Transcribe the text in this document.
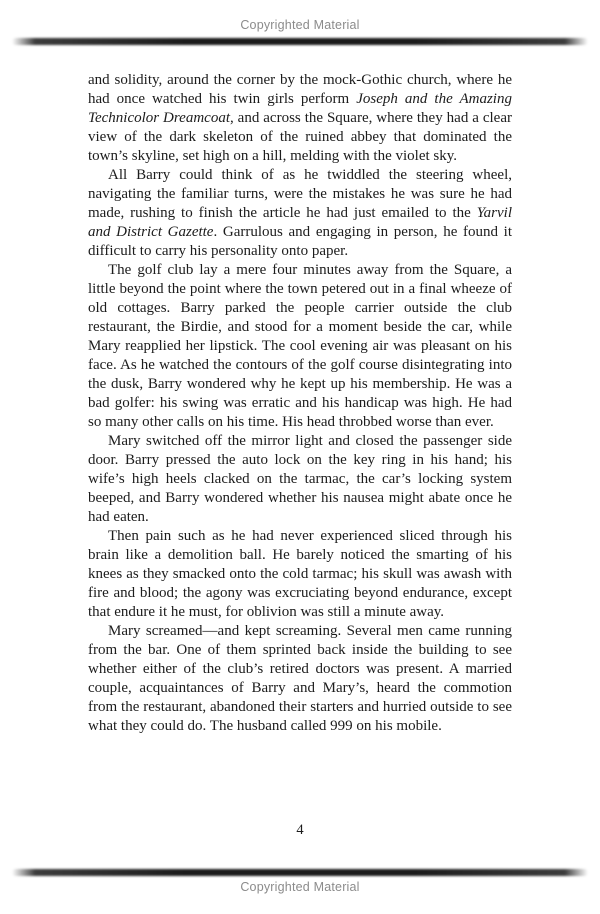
Copyrighted Material

and solidity, around the corner by the mock-Gothic church, where he had once watched his twin girls perform Joseph and the Amazing Technicolor Dreamcoat, and across the Square, where they had a clear view of the dark skeleton of the ruined abbey that dominated the town’s skyline, set high on a hill, melding with the violet sky.

All Barry could think of as he twiddled the steering wheel, navigating the familiar turns, were the mistakes he was sure he had made, rushing to finish the article he had just emailed to the Yarvil and District Gazette. Garrulous and engaging in person, he found it difficult to carry his personality onto paper.

The golf club lay a mere four minutes away from the Square, a little beyond the point where the town petered out in a final wheeze of old cottages. Barry parked the people carrier outside the club restaurant, the Birdie, and stood for a moment beside the car, while Mary reapplied her lipstick. The cool evening air was pleasant on his face. As he watched the contours of the golf course disintegrating into the dusk, Barry wondered why he kept up his membership. He was a bad golfer: his swing was erratic and his handicap was high. He had so many other calls on his time. His head throbbed worse than ever.

Mary switched off the mirror light and closed the passenger side door. Barry pressed the auto lock on the key ring in his hand; his wife’s high heels clacked on the tarmac, the car’s locking system beeped, and Barry wondered whether his nausea might abate once he had eaten.

Then pain such as he had never experienced sliced through his brain like a demolition ball. He barely noticed the smarting of his knees as they smacked onto the cold tarmac; his skull was awash with fire and blood; the agony was excruciating beyond endurance, except that endure it he must, for oblivion was still a minute away.

Mary screamed—and kept screaming. Several men came running from the bar. One of them sprinted back inside the building to see whether either of the club’s retired doctors was present. A married couple, acquaintances of Barry and Mary’s, heard the commotion from the restaurant, abandoned their starters and hurried outside to see what they could do. The husband called 999 on his mobile.

4
Copyrighted Material
